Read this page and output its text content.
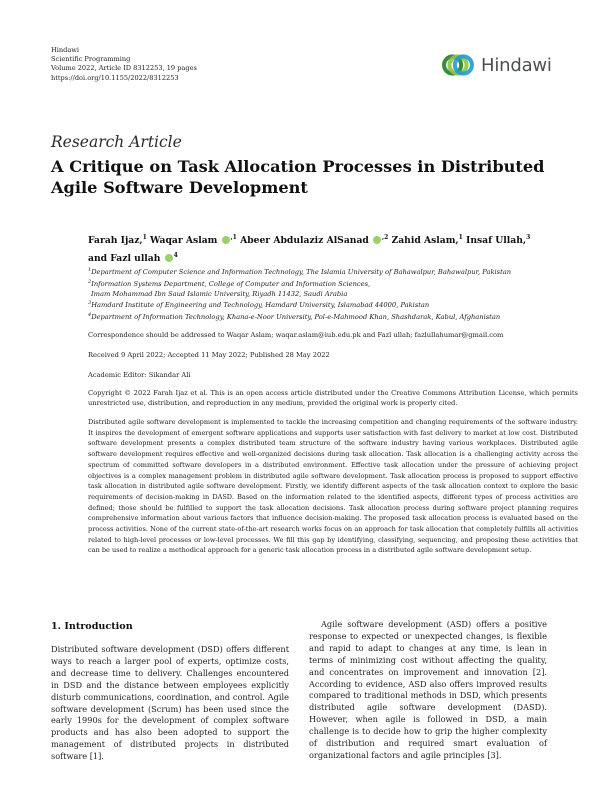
Hindawi
Scientific Programming
Volume 2022, Article ID 8312253, 19 pages
https://doi.org/10.1155/2022/8312253
Hindawi
Research Article
A Critique on Task Allocation Processes in Distributed Agile Software Development
Farah Ijaz,$^1$ Waqar Aslam $^{,1}$ Abeer Abdulaziz AlSanad $^{,2}$ Zahid Aslam,$^1$ Insaf Ullah,$^3$
and Fazl ullah $^4$
$^1$Department of Computer Science and Information Technology, The Islamia University of Bahawalpur, Bahawalpur, Pakistan
$^2$Information Systems Department, College of Computer and Information Sciences,
Imam Mohammad Ibn Saud Islamic University, Riyadh 11432, Saudi Arabia
$^3$Hamdard Institute of Engineering and Technology, Hamdard University, Islamabad 44000, Pakistan
$^4$Department of Information Technology, Khana-e-Noor University, Pol-e-Mahmood Khan, Shashdarak, Kabul, Afghanistan
Correspondence should be addressed to Waqar Aslam; waqar.aslam@iub.edu.pk and Fazl ullah; fazlullahumar@gmail.com
Received 9 April 2022; Accepted 11 May 2022; Published 28 May 2022
Academic Editor: Sikandar Ali
Copyright © 2022 Farah Ijaz et al. This is an open access article distributed under the Creative Commons Attribution License, which permits unrestricted use, distribution, and reproduction in any medium, provided the original work is properly cited.
Distributed agile software development is implemented to tackle the increasing competition and changing requirements of the software industry. It inspires the development of emergent software applications and supports user satisfaction with fast delivery to market at low cost. Distributed software development presents a complex distributed team structure of the software industry having various workplaces. Distributed agile software development requires effective and well-organized decisions during task allocation. Task allocation is a challenging activity across the spectrum of committed software developers in a distributed environment. Effective task allocation under the pressure of achieving project objectives is a complex management problem in distributed agile software development. Task allocation process is proposed to support effective task allocation in distributed agile software development. Firstly, we identify different aspects of the task allocation context to explore the basic requirements of decision-making in DASD. Based on the information related to the identified aspects, different types of process activities are defined; those should be fulfilled to support the task allocation decisions. Task allocation process during software project planning requires comprehensive information about various factors that influence decision-making. The proposed task allocation process is evaluated based on the process activities. None of the current state-of-the-art research works focus on an approach for task allocation that completely fulfills all activities related to high-level processes or low-level processes. We fill this gap by identifying, classifying, sequencing, and proposing these activities that can be used to realize a methodical approach for a generic task allocation process in a distributed agile software development setup.
1. Introduction
Distributed software development (DSD) offers different ways to reach a larger pool of experts, optimize costs, and decrease time to delivery. Challenges encountered in DSD and the distance between employees explicitly disturb communications, coordination, and control. Agile software development (Scrum) has been used since the early 1990s for the development of complex software products and has also been adopted to support the management of distributed projects in distributed software [1].
Agile software development (ASD) offers a positive response to expected or unexpected changes, is flexible and rapid to adapt to changes at any time, is lean in terms of minimizing cost without affecting the quality, and concentrates on improvement and innovation [2]. According to evidence, ASD also offers improved results compared to traditional methods in DSD, which presents distributed agile software development (DASD). However, when agile is followed in DSD, a main challenge is to decide how to grip the higher complexity of distribution and required smart evaluation of organizational factors and agile principles [3].
